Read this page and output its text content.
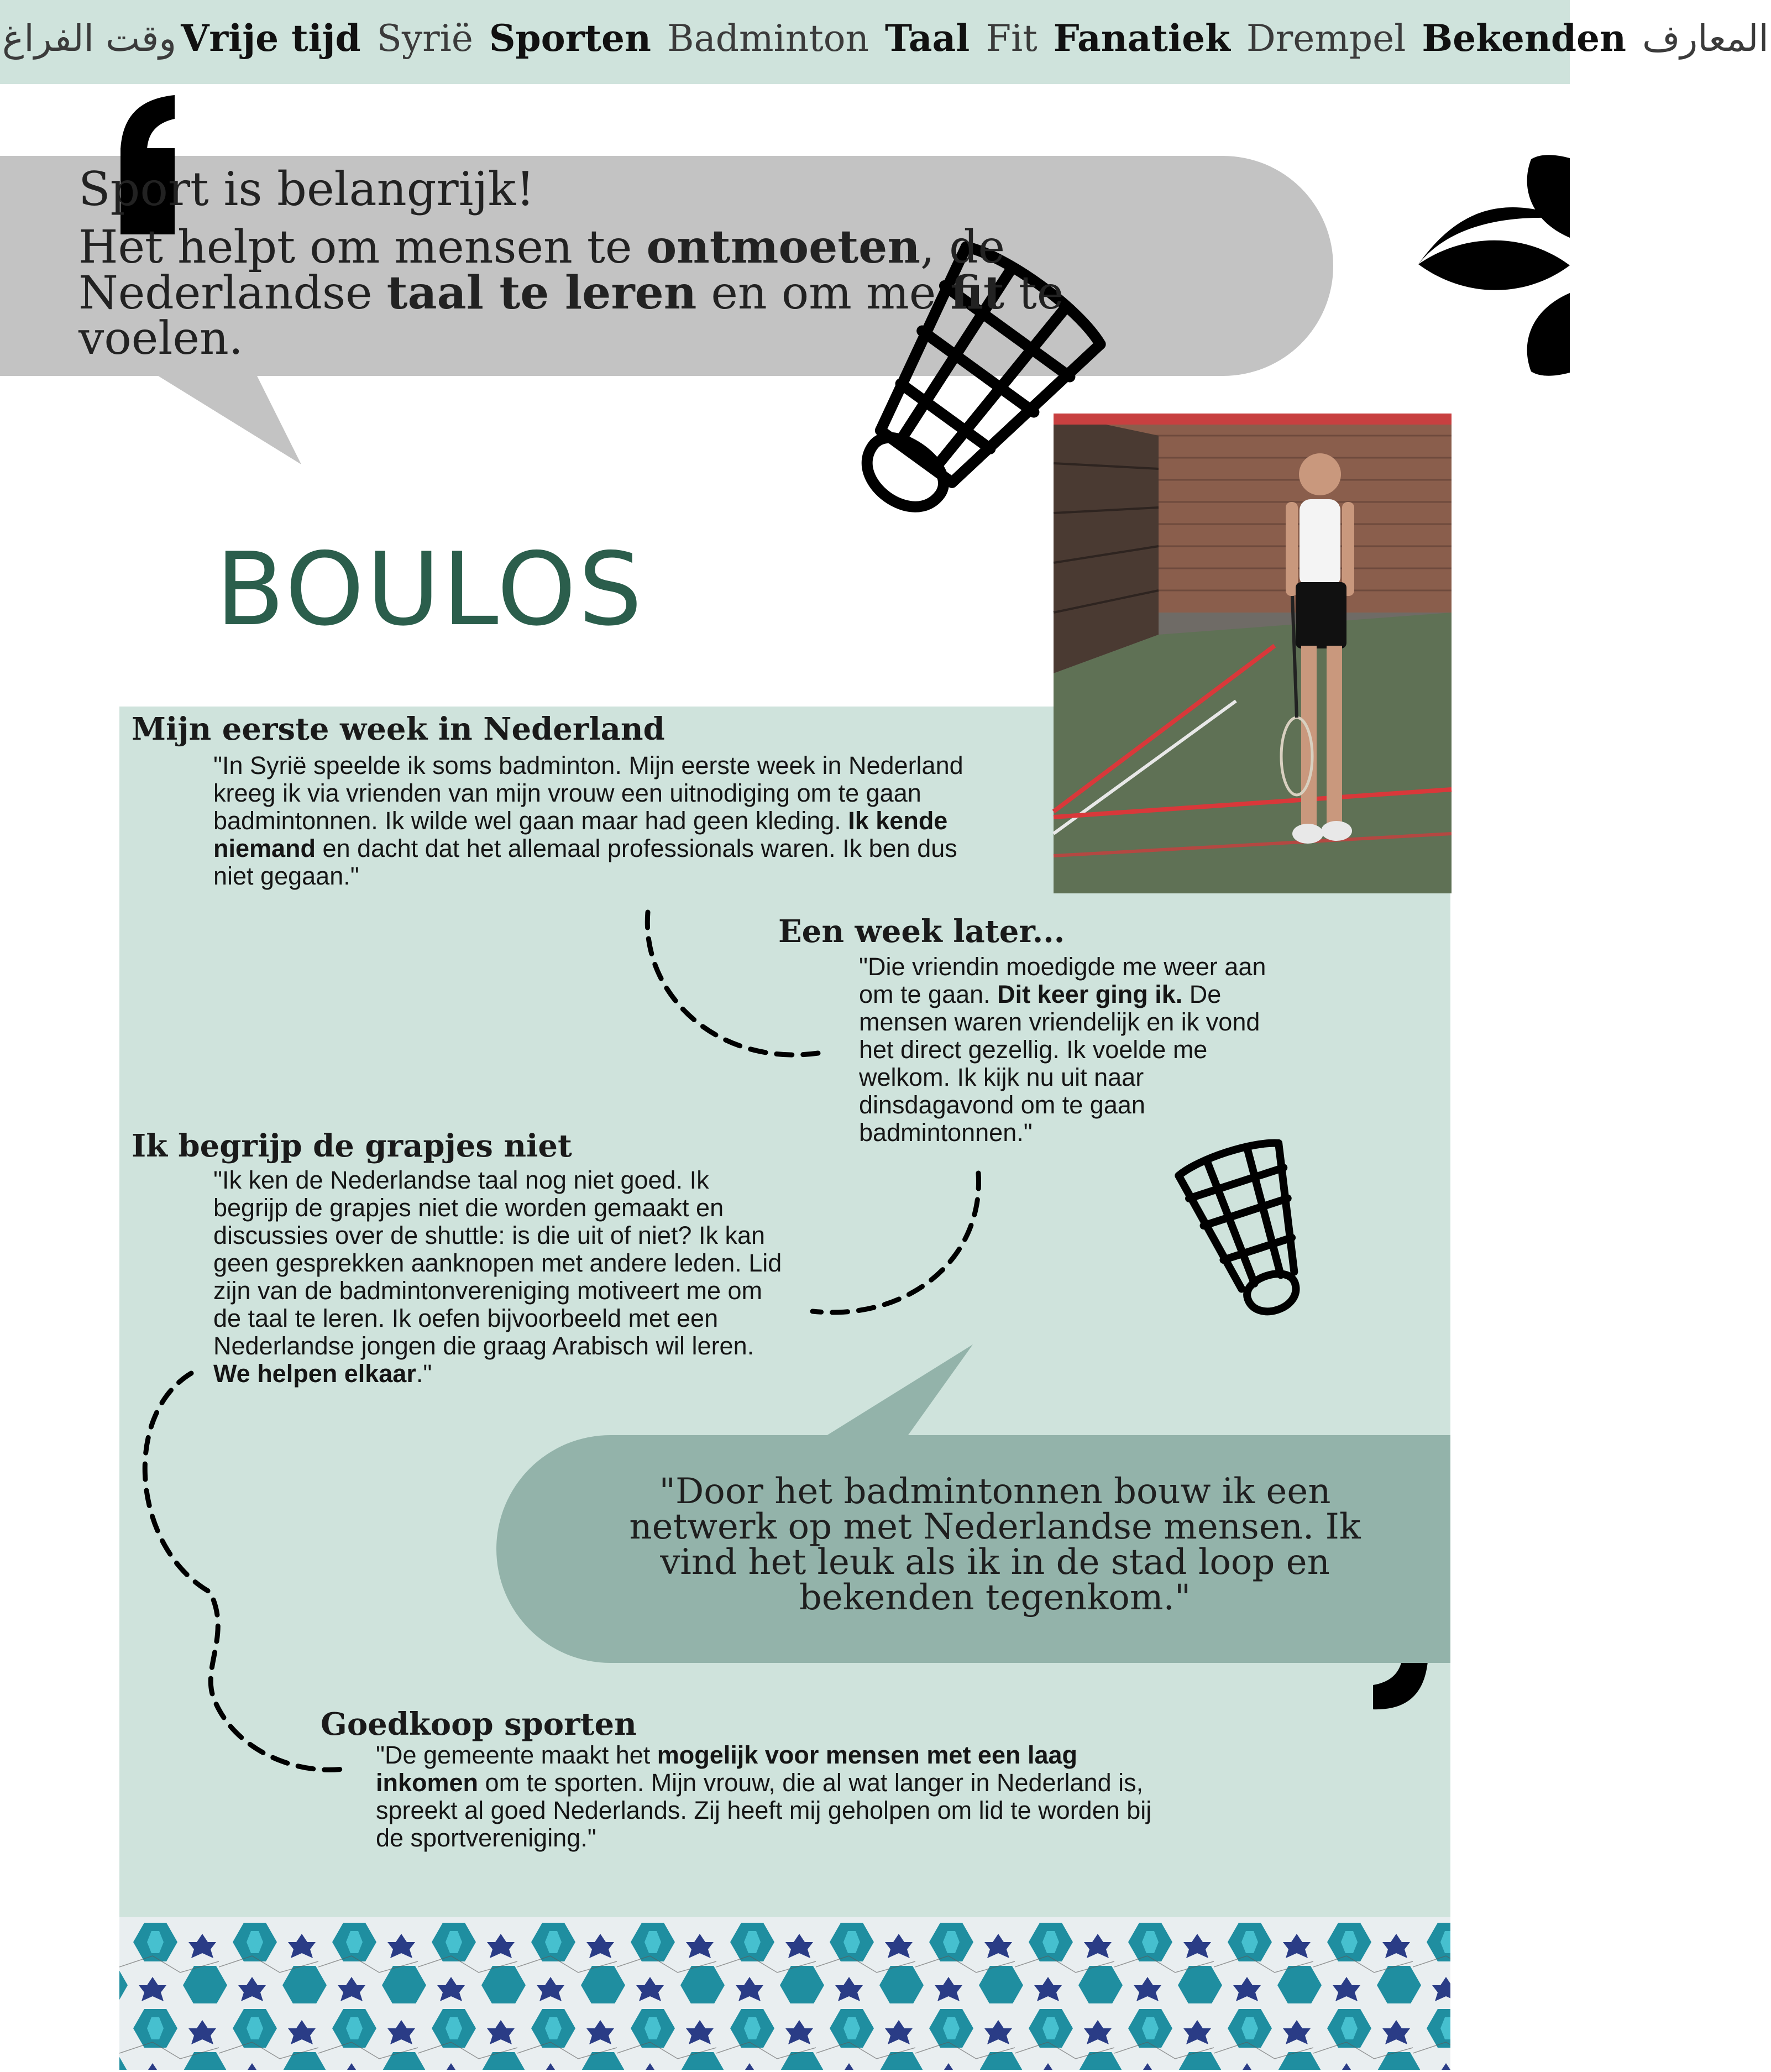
وقت الفراغ Vrije tijd Syrië Sporten Badminton Taal Fit Fanatiek Drempel Bekenden المعارف
Sport is belangrijk!
Het helpt om mensen te ontmoeten, de
Nederlandse taal te leren en om me fit te voelen.
BOULOS
Mijn eerste week in Nederland
"In Syrië speelde ik soms badminton. Mijn eerste week in Nederland kreeg ik via vrienden van mijn vrouw een uitnodiging om te gaan badmintonnen. Ik wilde wel gaan maar had geen kleding. Ik kende niemand en dacht dat het allemaal professionals waren. Ik ben dus niet gegaan."
Een week later...
"Die vriendin moedigde me weer aan om te gaan. Dit keer ging ik. De mensen waren vriendelijk en ik vond het direct gezellig. Ik voelde me welkom. Ik kijk nu uit naar dinsdagavond om te gaan badmintonnen."
Ik begrijp de grapjes niet
"Ik ken de Nederlandse taal nog niet goed. Ik begrijp de grapjes niet die worden gemaakt en discussies over de shuttle: is die uit of niet? Ik kan geen gesprekken aanknopen met andere leden. Lid zijn van de badmintonvereniging motiveert me om de taal te leren. Ik oefen bijvoorbeeld met een Nederlandse jongen die graag Arabisch wil leren. We helpen elkaar."
"Door het badmintonnen bouw ik een netwerk op met Nederlandse mensen. Ik vind het leuk als ik in de stad loop en bekenden tegenkom."
Goedkoop sporten
"De gemeente maakt het mogelijk voor mensen met een laag inkomen om te sporten. Mijn vrouw, die al wat langer in Nederland is, spreekt al goed Nederlands. Zij heeft mij geholpen om lid te worden bij de sportvereniging."
